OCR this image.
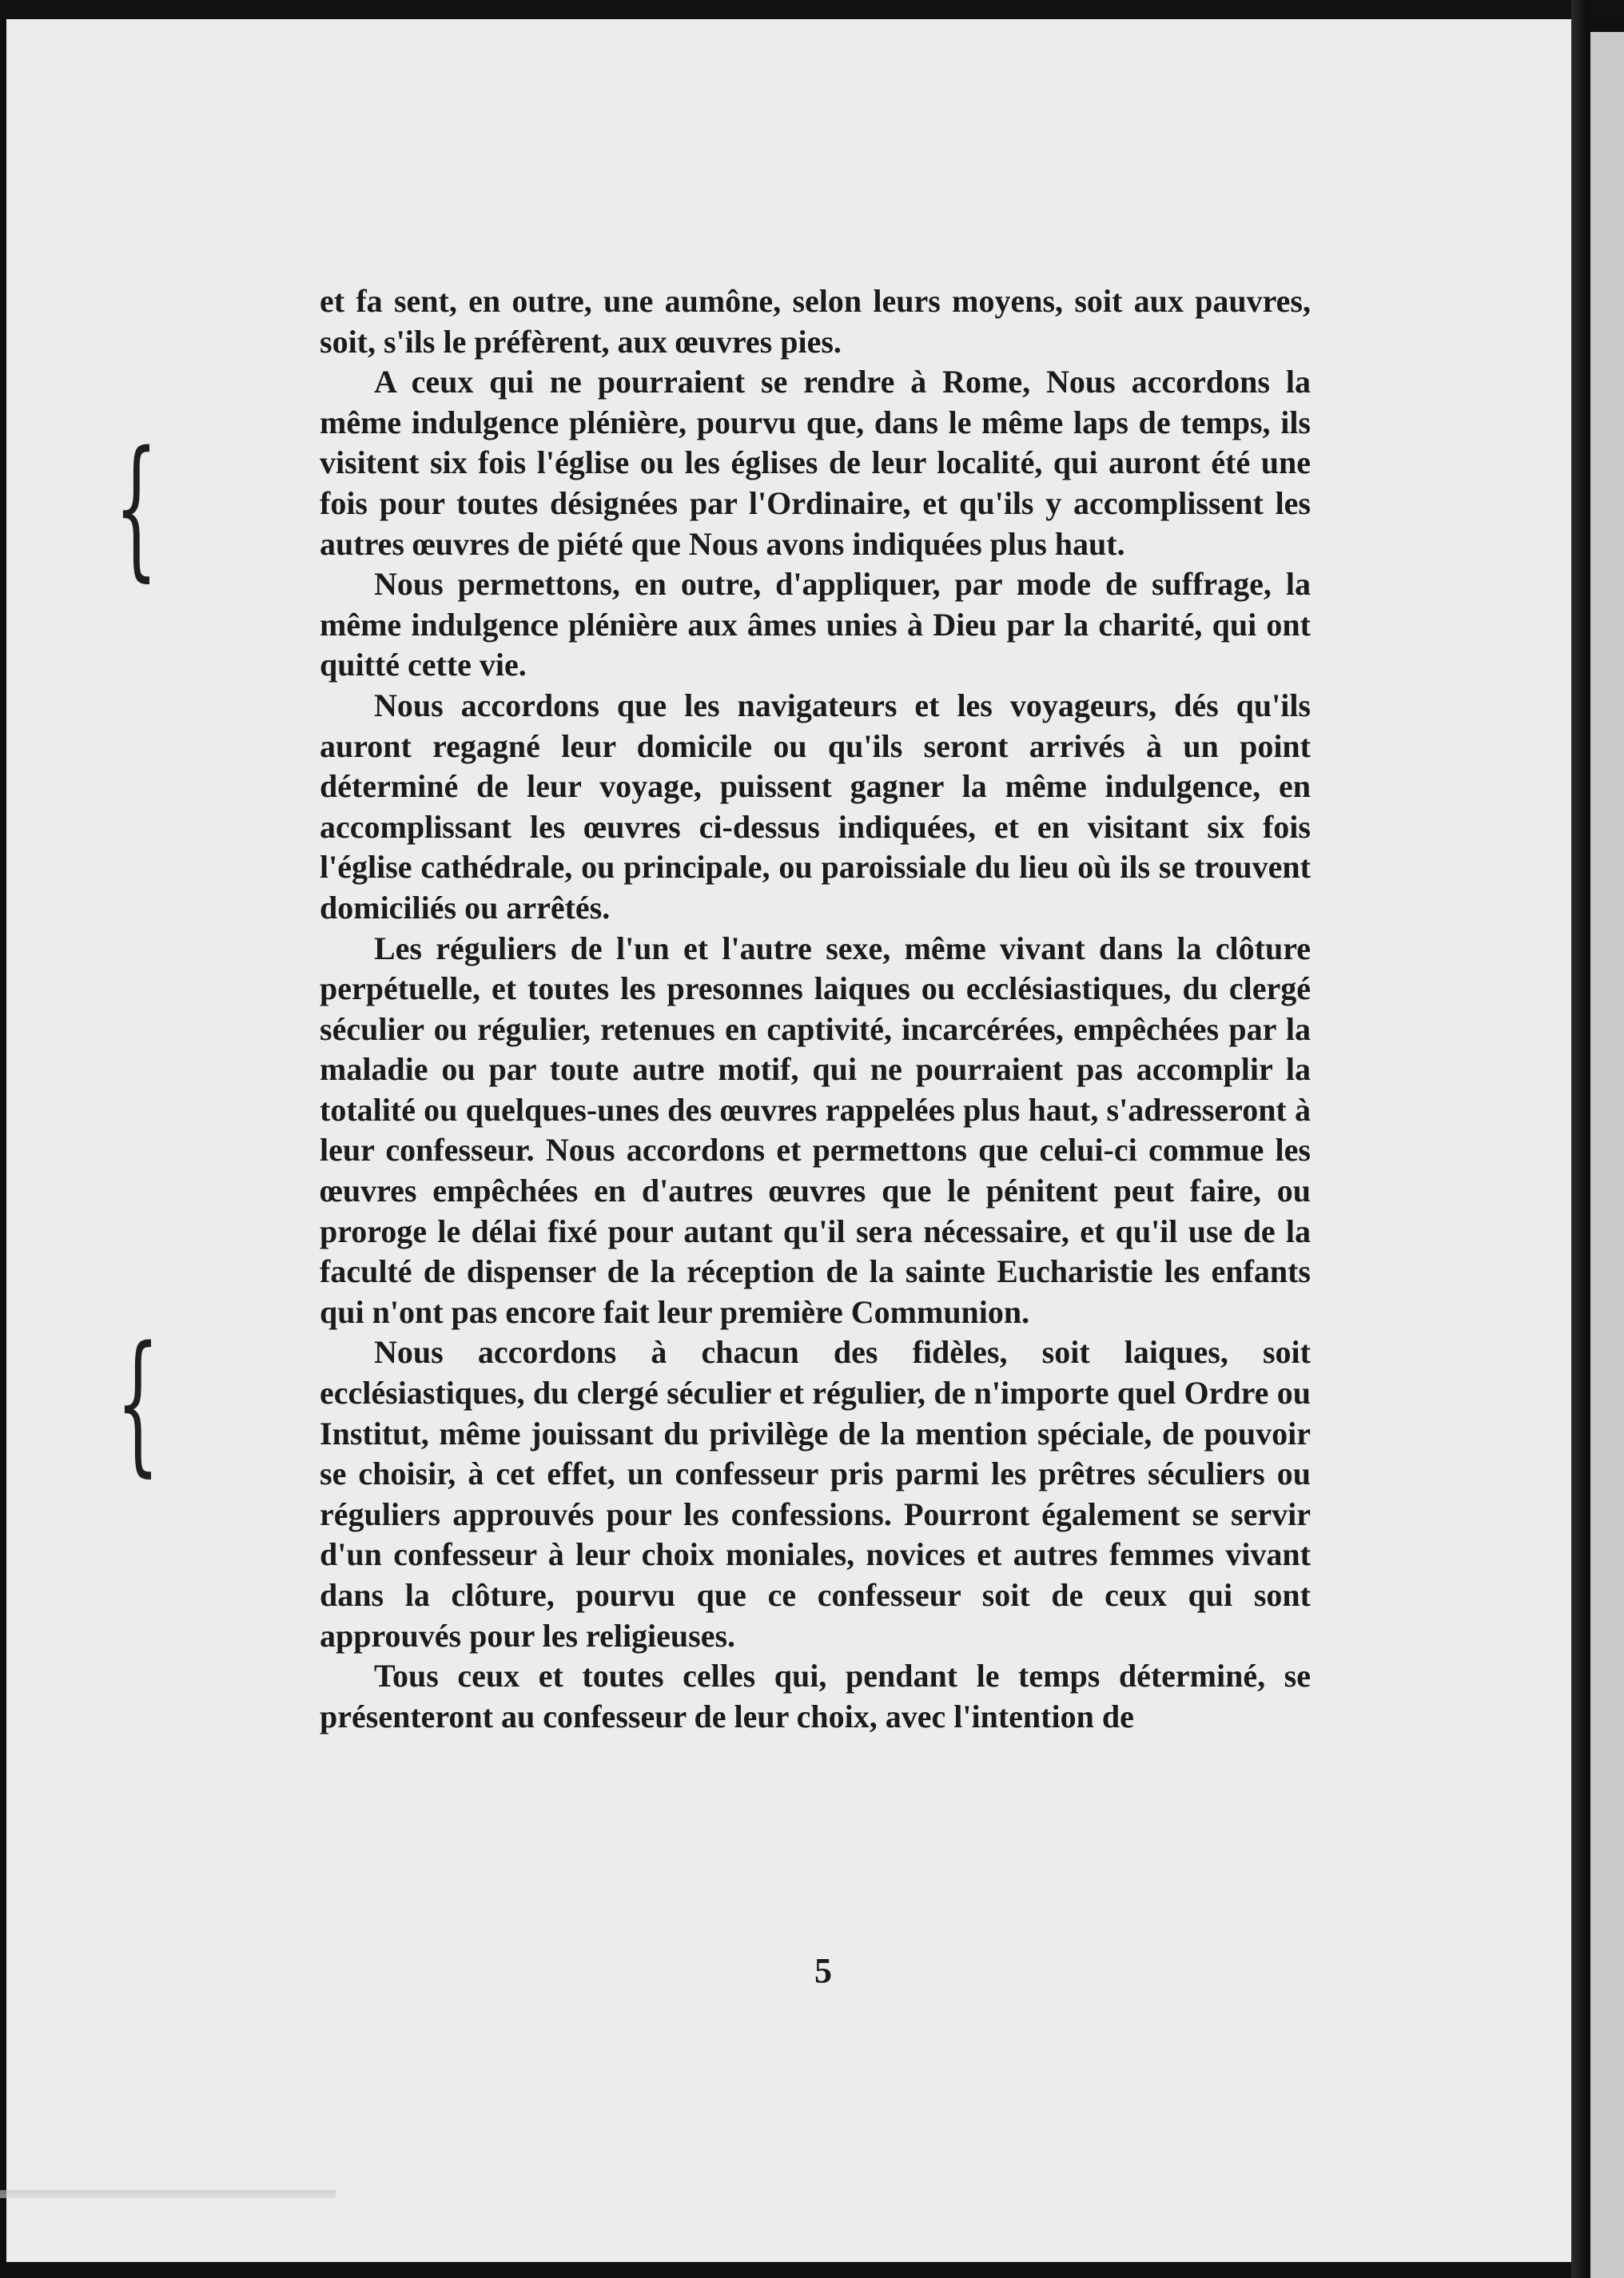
{
{

et fa sent, en outre, une aumône, selon leurs moyens, soit aux pauvres, soit, s'ils le préfèrent, aux œuvres pies.

A ceux qui ne pourraient se rendre à Rome, Nous accordons la même indulgence plénière, pourvu que, dans le même laps de temps, ils visitent six fois l'église ou les églises de leur localité, qui auront été une fois pour toutes désignées par l'Ordinaire, et qu'ils y accomplissent les autres œuvres de piété que Nous avons indiquées plus haut.

Nous permettons, en outre, d'appliquer, par mode de suffrage, la même indulgence plénière aux âmes unies à Dieu par la charité, qui ont quitté cette vie.

Nous accordons que les navigateurs et les voyageurs, dés qu'ils auront regagné leur domicile ou qu'ils seront arrivés à un point déterminé de leur voyage, puissent gagner la même indulgence, en accomplissant les œuvres ci-dessus indiquées, et en visitant six fois l'église cathédrale, ou principale, ou paroissiale du lieu où ils se trouvent domiciliés ou arrêtés.

Les réguliers de l'un et l'autre sexe, même vivant dans la clôture perpétuelle, et toutes les presonnes laiques ou ecclésiastiques, du clergé séculier ou régulier, retenues en captivité, incarcérées, empêchées par la maladie ou par toute autre motif, qui ne pourraient pas accomplir la totalité ou quelques-unes des œuvres rappelées plus haut, s'adresseront à leur confesseur. Nous accordons et permettons que celui-ci commue les œuvres empêchées en d'autres œuvres que le pénitent peut faire, ou proroge le délai fixé pour autant qu'il sera nécessaire, et qu'il use de la faculté de dispenser de la réception de la sainte Eucharistie les enfants qui n'ont pas encore fait leur première Communion.

Nous accordons à chacun des fidèles, soit laiques, soit ecclésiastiques, du clergé séculier et régulier, de n'importe quel Ordre ou Institut, même jouissant du privilège de la mention spéciale, de pouvoir se choisir, à cet effet, un confesseur pris parmi les prêtres séculiers ou réguliers approuvés pour les confessions. Pourront également se servir d'un confesseur à leur choix moniales, novices et autres femmes vivant dans la clôture, pourvu que ce confesseur soit de ceux qui sont approuvés pour les religieuses.

Tous ceux et toutes celles qui, pendant le temps déterminé, se présenteront au confesseur de leur choix, avec l'intention de

5
